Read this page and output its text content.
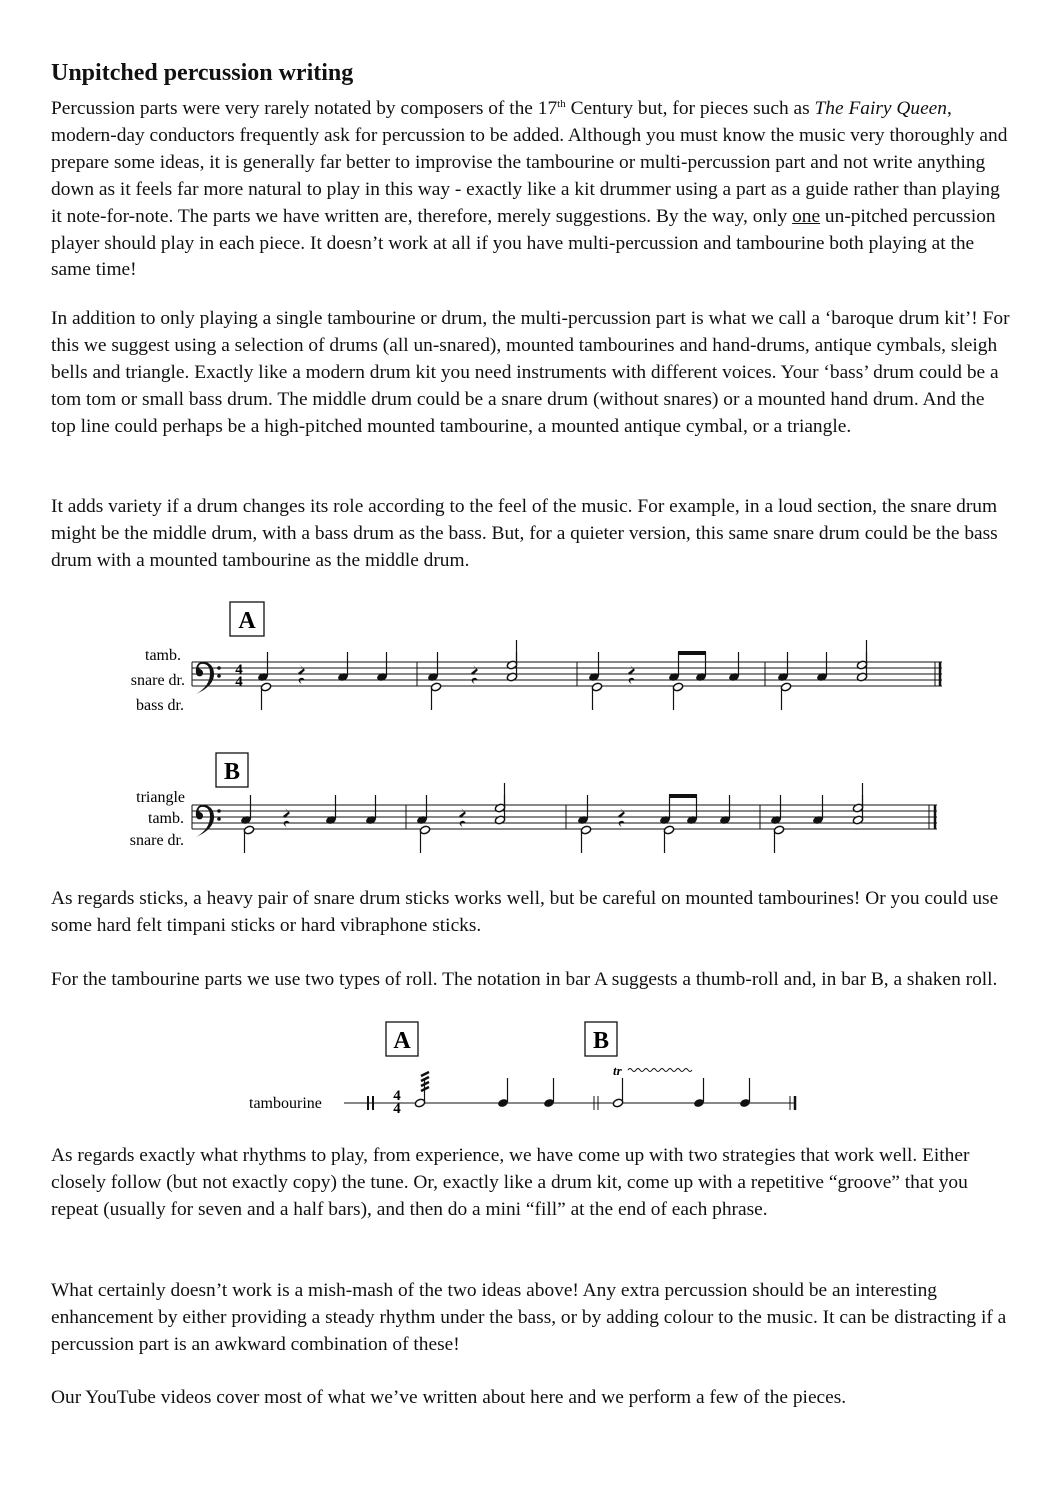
Unpitched percussion writing

Percussion parts were very rarely notated by composers of the 17th Century but, for pieces such as The Fairy Queen, modern-day conductors frequently ask for percussion to be added. Although you must know the music very thoroughly and prepare some ideas, it is generally far better to improvise the tambourine or multi-percussion part and not write anything down as it feels far more natural to play in this way - exactly like a kit drummer using a part as a guide rather than playing it note-for-note. The parts we have written are, therefore, merely suggestions. By the way, only one un-pitched percussion player should play in each piece. It doesn’t work at all if you have multi-percussion and tambourine both playing at the same time!

In addition to only playing a single tambourine or drum, the multi-percussion part is what we call a ‘baroque drum kit’! For this we suggest using a selection of drums (all un-snared), mounted tambourines and hand-drums, antique cymbals, sleigh bells and triangle. Exactly like a modern drum kit you need instruments with different voices. Your ‘bass’ drum could be a tom tom or small bass drum. The middle drum could be a snare drum (without snares) or a mounted hand drum. And the top line could perhaps be a high-pitched mounted tambourine, a mounted antique cymbal, or a triangle.

It adds variety if a drum changes its role according to the feel of the music. For example, in a loud section, the snare drum might be the middle drum, with a bass drum as the bass. But, for a quieter version, this same snare drum could be the bass drum with a mounted tambourine as the middle drum.

A
tamb.
snare dr.
bass dr.
4
4
B
triangle
tamb.
snare dr.
A	B
tambourine	4
4
tr

As regards sticks, a heavy pair of snare drum sticks works well, but be careful on mounted tambourines! Or you could use some hard felt timpani sticks or hard vibraphone sticks.

For the tambourine parts we use two types of roll. The notation in bar A suggests a thumb-roll and, in bar B, a shaken roll.

As regards exactly what rhythms to play, from experience, we have come up with two strategies that work well. Either closely follow (but not exactly copy) the tune. Or, exactly like a drum kit, come up with a repetitive “groove” that you repeat (usually for seven and a half bars), and then do a mini “fill” at the end of each phrase.

What certainly doesn’t work is a mish-mash of the two ideas above! Any extra percussion should be an interesting enhancement by either providing a steady rhythm under the bass, or by adding colour to the music. It can be distracting if a percussion part is an awkward combination of these!

Our YouTube videos cover most of what we’ve written about here and we perform a few of the pieces.
